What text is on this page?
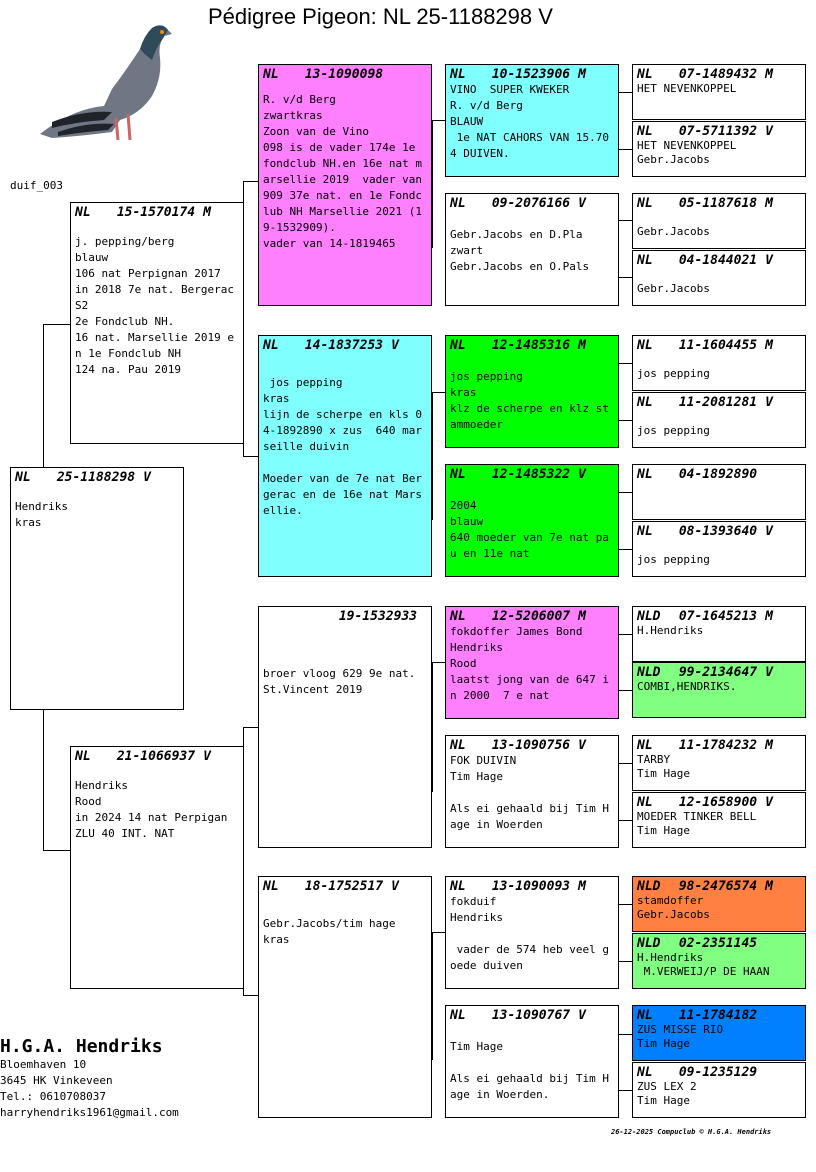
Pédigree Pigeon: NL 25-1188298 V
duif_003
NL 25-1188298 V
Hendriks
kras
NL 15-1570174 M
j. pepping/berg
blauw
106 nat Perpignan 2017
in 2018 7e nat. Bergerac S2
2e Fondclub NH.
16 nat. Marsellie 2019 en 1e Fondclub NH
124 na. Pau 2019
NL 21-1066937 V
Hendriks
Rood
in 2024 14 nat Perpigan ZLU 40 INT. NAT
NL 13-1090098
R. v/d Berg
zwartkras
Zoon van de Vino
098 is de vader 174e 1e fondclub NH.en 16e nat marsellie 2019  vader van 909 37e nat. en 1e Fondclub NH Marsellie 2021 (19-1532909).
vader van 14-1819465
NL 14-1837253 V

jos pepping
kras
lijn de scherpe en kls 04-1892890 x zus  640 marseille duivin

Moeder van de 7e nat Bergerac en de 16e nat Marsellie.
19-1532933

broer vloog 629 9e nat. St.Vincent 2019
NL 18-1752517 V

Gebr.Jacobs/tim hage
kras
NL 10-1523906 M
VINO  SUPER KWEKER
R. v/d Berg
BLAUW
1e NAT CAHORS VAN 15.704 DUIVEN.
NL 09-2076166 V

Gebr.Jacobs en D.Pla
zwart
Gebr.Jacobs en O.Pals
NL 12-1485316 M

jos pepping
kras
klz de scherpe en klz stammoeder
NL 12-1485322 V

2004
blauw
640 moeder van 7e nat pau en 11e nat
NL 12-5206007 M
fokdoffer James Bond
Hendriks
Rood
laatst jong van de 647 in 2000  7 e nat
NL 13-1090756 V
FOK DUIVIN
Tim Hage

Als ei gehaald bij Tim Hage in Woerden
NL 13-1090093 M
fokduif
Hendriks

vader de 574 heb veel goede duiven
NL 13-1090767 V

Tim Hage

Als ei gehaald bij Tim Hage in Woerden.
NL 07-1489432 M
HET NEVENKOPPEL
NL 07-5711392 V
HET NEVENKOPPEL
Gebr.Jacobs
NL 05-1187618 M

Gebr.Jacobs
NL 04-1844021 V

Gebr.Jacobs
NL 11-1604455 M

jos pepping
NL 11-2081281 V

jos pepping
NL 04-1892890
NL 08-1393640 V

jos pepping
NLD 07-1645213 M
H.Hendriks
NLD 99-2134647 V
COMBI,HENDRIKS.
NL 11-1784232 M
TARBY
Tim Hage
NL 12-1658900 V
MOEDER TINKER BELL
Tim Hage
NLD 98-2476574 M
stamdoffer
Gebr.Jacobs
NLD 02-2351145
H.Hendriks
M.VERWEIJ/P DE HAAN
NL 11-1784182
ZUS MISSE RIO
Tim Hage
NL 09-1235129
ZUS LEX 2
Tim Hage
H.G.A. Hendriks
Bloemhaven 10
3645 HK Vinkeveen
Tel.: 0610708037
harryhendriks1961@gmail.com
26-12-2025 Compuclub © H.G.A. Hendriks
